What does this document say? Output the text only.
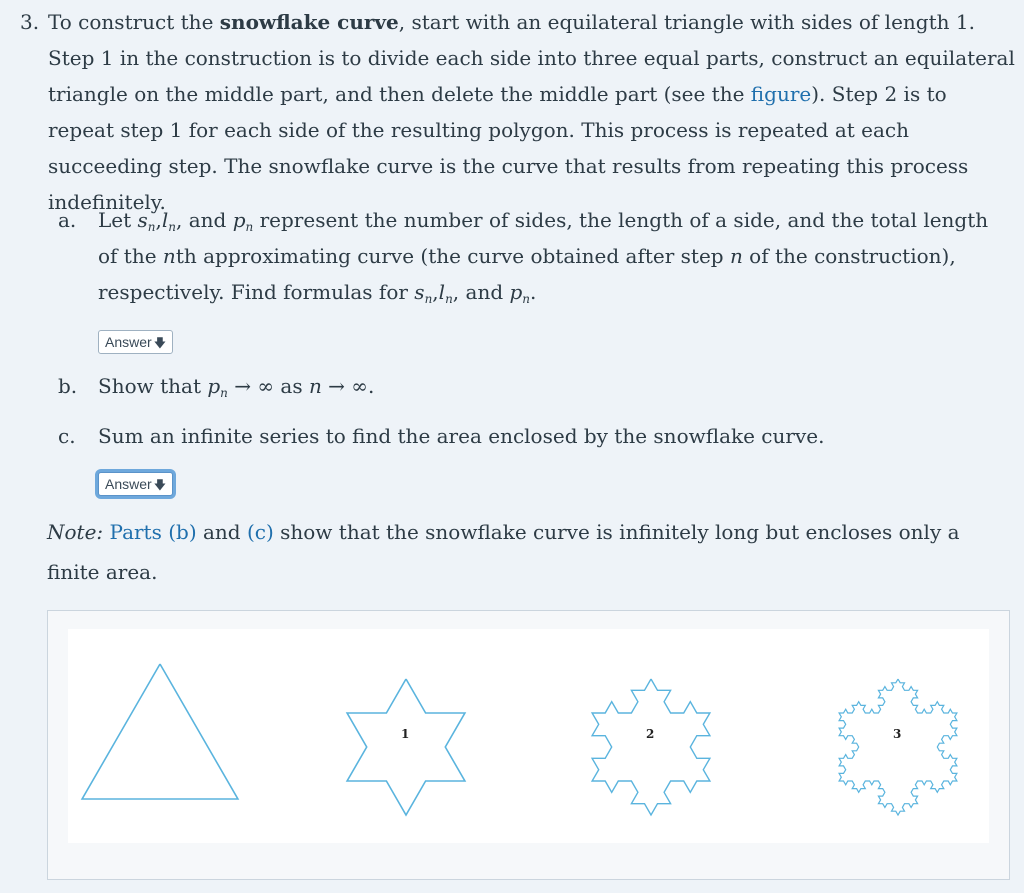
3. To construct the snowflake curve, start with an equilateral triangle with sides of length 1. Step 1 in the construction is to divide each side into three equal parts, construct an equilateral triangle on the middle part, and then delete the middle part (see the figure). Step 2 is to repeat step 1 for each side of the resulting polygon. This process is repeated at each succeeding step. The snowflake curve is the curve that results from repeating this process indefinitely.
a. Let $s_n,l_n$, and $p_n$ represent the number of sides, the length of a side, and the total length of the nth approximating curve (the curve obtained after step n of the construction), respectively. Find formulas for $s_n,l_n$, and $p_n$.
Answer 🡇
b. Show that $p_n$ → ∞ as n → ∞.
c. Sum an infinite series to find the area enclosed by the snowflake curve.
Answer 🡇
Note: Parts (b) and (c) show that the snowflake curve is infinitely long but encloses only a finite area.
1	2	3
